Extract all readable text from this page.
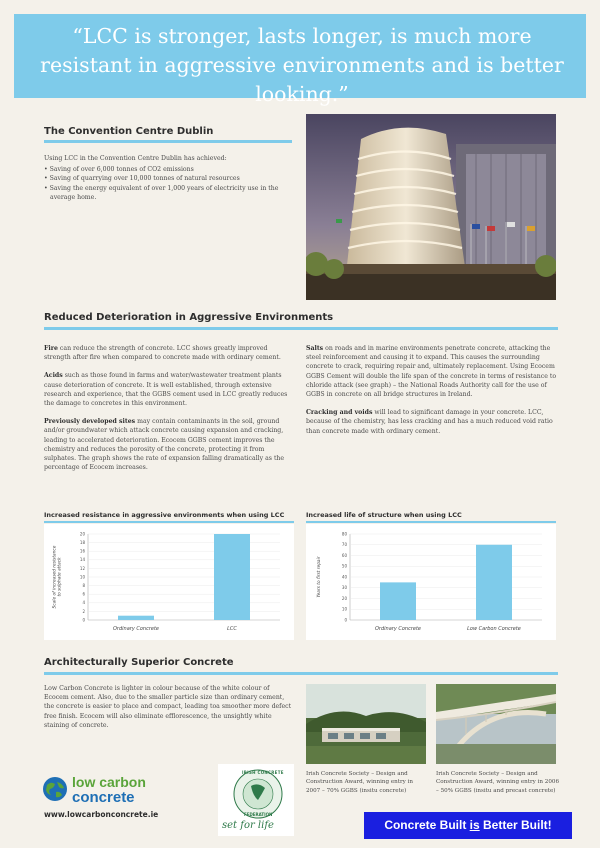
“LCC is stronger, lasts longer, is much more resistant in aggressive environments and is better looking.”
The Convention Centre Dublin
Using LCC in the Convention Centre Dublin has achieved:
• Saving of over 6,000 tonnes of CO2 emissions
• Saving of quarrying over 10,000 tonnes of natural resources
• Saving the energy equivalent of over 1,000 years of electricity use in the average home.
Reduced Deterioration in Aggressive Environments

Fire can reduce the strength of concrete. LCC shows greatly improved strength after fire when compared to concrete made with ordinary cement.

Acids such as those found in farms and water/wastewater treatment plants cause deterioration of concrete. It is well established, through extensive research and experience, that the GGBS cement used in LCC greatly reduces the damage to concretes in this environment.

Previously developed sites may contain contaminants in the soil, ground and/or groundwater which attack concrete causing expansion and cracking, leading to accelerated deterioration. Ecocem GGBS cement improves the chemistry and reduces the porosity of the concrete, protecting it from sulphates. The graph shows the rate of expansion falling dramatically as the percentage of Ecocem increases.

Salts on roads and in marine environments penetrate concrete, attacking the steel reinforcement and causing it to expand. This causes the surrounding concrete to crack, requiring repair and, ultimately replacement. Using Ecocem GGBS Cement will double the life span of the concrete in terms of resistance to chloride attack (see graph) – the National Roads Authority call for the use of GGBS in concrete on all bridge structures in Ireland.

Cracking and voids will lead to significant damage in your concrete. LCC, because of the chemistry, has less cracking and has a much reduced void ratio than concrete made with ordinary cement.

Increased resistance in aggressive environments when using LCC
0
2
4
6
8
10
12
14
16
18
20
Ordinary Concrete	LCC
Scale of increased resistanceto sulphate attack
Increased life of structure when using LCC
0
10
20
30
40
50
60
70
80
Ordinary Concrete	Low Carbon Concrete
Years to first repair
Architecturally Superior Concrete
Low Carbon Concrete is lighter in colour because of the white colour of Ecocem cement. Also, due to the smaller particle size than ordinary cement, the concrete is easier to place and compact, leading toa smoother more defect free finish. Ecocem will also eliminate efflorescence, the unsightly white staining of concrete.
Irish Concrete Society – Design and Construction Award, winning entry in 2007 – 70% GGBS (insitu concrete)
Irish Concrete Society – Design and Construction Award, winning entry in 2006 – 50% GGBS (insitu and precast concrete)
low carbon
concrete
www.lowcarbonconcrete.ie
IRISH CONCRETE
FEDERATION
set for life	Concrete Built is Better Built!
